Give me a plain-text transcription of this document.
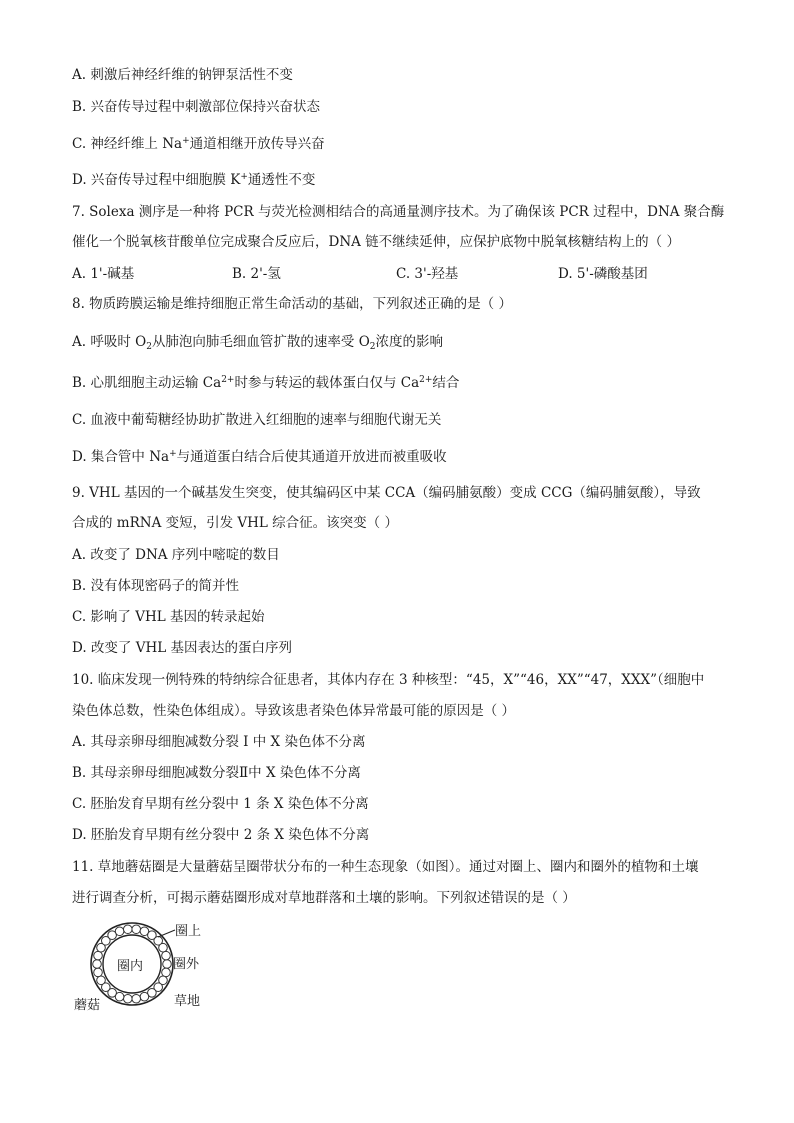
A. 刺激后神经纤维的钠钾泵活性不变
B. 兴奋传导过程中刺激部位保持兴奋状态
C. 神经纤维上 Na+通道相继开放传导兴奋
D. 兴奋传导过程中细胞膜 K+通透性不变
7. Solexa 测序是一种将 PCR 与荧光检测相结合的高通量测序技术。为了确保该 PCR 过程中，DNA 聚合酶
催化一个脱氧核苷酸单位完成聚合反应后，DNA 链不继续延伸，应保护底物中脱氧核糖结构上的（ ）
A. 1'-碱基	B. 2'-氢	C. 3'-羟基	D. 5'-磷酸基团
8. 物质跨膜运输是维持细胞正常生命活动的基础，下列叙述正确的是（ ）
A. 呼吸时 $O_2$从肺泡向肺毛细血管扩散的速率受 $O_2$浓度的影响
B. 心肌细胞主动运输 $Ca^{2+}$时参与转运的载体蛋白仅与 $Ca^{2+}$结合
C. 血液中葡萄糖经协助扩散进入红细胞的速率与细胞代谢无关
D. 集合管中 Na+与通道蛋白结合后使其通道开放进而被重吸收
9. VHL 基因的一个碱基发生突变，使其编码区中某 CCA（编码脯氨酸）变成 CCG（编码脯氨酸），导致
合成的 mRNA 变短，引发 VHL 综合征。该突变（ ）
A. 改变了 DNA 序列中嘧啶的数目
B. 没有体现密码子的简并性
C. 影响了 VHL 基因的转录起始
D. 改变了 VHL 基因表达的蛋白序列
10. 临床发现一例特殊的特纳综合征患者，其体内存在 3 种核型：“45，X”“46，XX”“47，XXX”（细胞中
染色体总数，性染色体组成）。导致该患者染色体异常最可能的原因是（ ）
A. 其母亲卵母细胞减数分裂 I 中 X 染色体不分离
B. 其母亲卵母细胞减数分裂Ⅱ中 X 染色体不分离
C. 胚胎发育早期有丝分裂中 1 条 X 染色体不分离
D. 胚胎发育早期有丝分裂中 2 条 X 染色体不分离
11. 草地蘑菇圈是大量蘑菇呈圈带状分布的一种生态现象（如图）。通过对圈上、圈内和圈外的植物和土壤
进行调查分析，可揭示蘑菇圈形成对草地群落和土壤的影响。下列叙述错误的是（ ）
圈上
圈内 圈外
蘑菇	草地
